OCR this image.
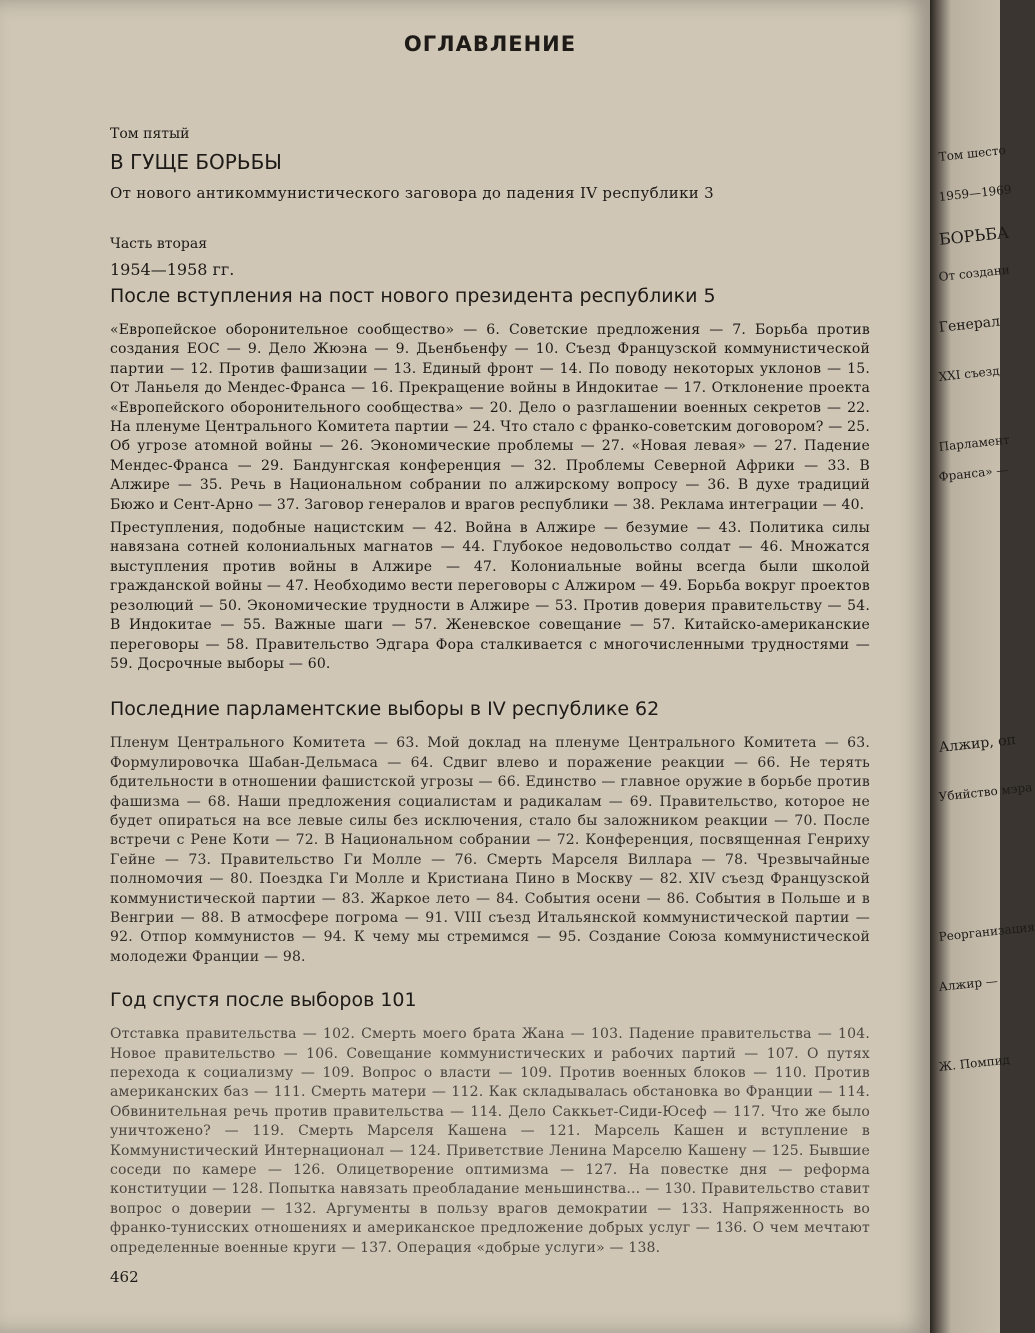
ОГЛАВЛЕНИЕ
Том пятый
В ГУЩЕ БОРЬБЫ
От нового антикоммунистического заговора до падения IV республики 3
Часть вторая
1954—1958 гг.
После вступления на пост нового президента республики 5

«Европейское оборонительное сообщество» — 6. Советские предложения — 7. Борьба против создания ЕОС — 9. Дело Жюэна — 9. Дьенбьенфу — 10. Съезд Французской коммунистической партии — 12. Против фашизации — 13. Единый фронт — 14. По поводу некоторых уклонов — 15. От Ланьеля до Мендес-Франса — 16. Прекращение войны в Индокитае — 17. Отклонение проекта «Европейского оборонительного сообщества» — 20. Дело о разглашении военных секретов — 22. На пленуме Центрального Комитета партии — 24. Что стало с франко-советским договором? — 25. Об угрозе атомной войны — 26. Экономические проблемы — 27. «Новая левая» — 27. Падение Мендес-Франса — 29. Бандунгская конференция — 32. Проблемы Северной Африки — 33. В Алжире — 35. Речь в Национальном собрании по алжирскому вопросу — 36. В духе традиций Бюжо и Сент-Арно — 37. Заговор генералов и врагов республики — 38. Реклама интеграции — 40.

Преступления, подобные нацистским — 42. Война в Алжире — безумие — 43. Политика силы навязана сотней колониальных магнатов — 44. Глубокое недовольство солдат — 46. Множатся выступления против войны в Алжире — 47. Колониальные войны всегда были школой гражданской войны — 47. Необходимо вести переговоры с Алжиром — 49. Борьба вокруг проектов резолюций — 50. Экономические трудности в Алжире — 53. Против доверия правительству — 54. В Индокитае — 55. Важные шаги — 57. Женевское совещание — 57. Китайско-американские переговоры — 58. Правительство Эдгара Фора сталкивается с многочисленными трудностями — 59. Досрочные выборы — 60.

Последние парламентские выборы в IV республике 62

Пленум Центрального Комитета — 63. Мой доклад на пленуме Центрального Комитета — 63. Формулировочка Шабан-Дельмаса — 64. Сдвиг влево и поражение реакции — 66. Не терять бдительности в отношении фашистской угрозы — 66. Единство — главное оружие в борьбе против фашизма — 68. Наши предложения социалистам и радикалам — 69. Правительство, которое не будет опираться на все левые силы без исключения, стало бы заложником реакции — 70. После встречи с Рене Коти — 72. В Национальном собрании — 72. Конференция, посвященная Генриху Гейне — 73. Правительство Ги Молле — 76. Смерть Марселя Виллара — 78. Чрезвычайные полномочия — 80. Поездка Ги Молле и Кристиана Пино в Москву — 82. XIV съезд Французской коммунистической партии — 83. Жаркое лето — 84. События осени — 86. События в Польше и в Венгрии — 88. В атмосфере погрома — 91. VIII съезд Итальянской коммунистической партии — 92. Отпор коммунистов — 94. К чему мы стремимся — 95. Создание Союза коммунистической молодежи Франции — 98.

Год спустя после выборов 101

Отставка правительства — 102. Смерть моего брата Жана — 103. Падение правительства — 104. Новое правительство — 106. Совещание коммунистических и рабочих партий — 107. О путях перехода к социализму — 109. Вопрос о власти — 109. Против военных блоков — 110. Против американских баз — 111. Смерть матери — 112. Как складывалась обстановка во Франции — 114. Обвинительная речь против правительства — 114. Дело Саккьет-Сиди-Юсеф — 117. Что же было уничтожено? — 119. Смерть Марселя Кашена — 121. Марсель Кашен и вступление в Коммунистический Интернационал — 124. Приветствие Ленина Марселю Кашену — 125. Бывшие соседи по камере — 126. Олицетворение оптимизма — 127. На повестке дня — реформа конституции — 128. Попытка навязать преобладание меньшинства... — 130. Правительство ставит вопрос о доверии — 132. Аргументы в пользу врагов демократии — 133. Напряженность во франко-тунисских отношениях и американское предложение добрых услуг — 136. О чем мечтают определенные военные круги — 137. Операция «добрые услуги» — 138.

462
Том шесто
1959—1969
БОРЬБА
От создани
Генерал
XXI съезд
Парламент
Франса» —
Алжир, оп
Убийство мэра
Реорганизация
Алжир —
Ж. Помпид
